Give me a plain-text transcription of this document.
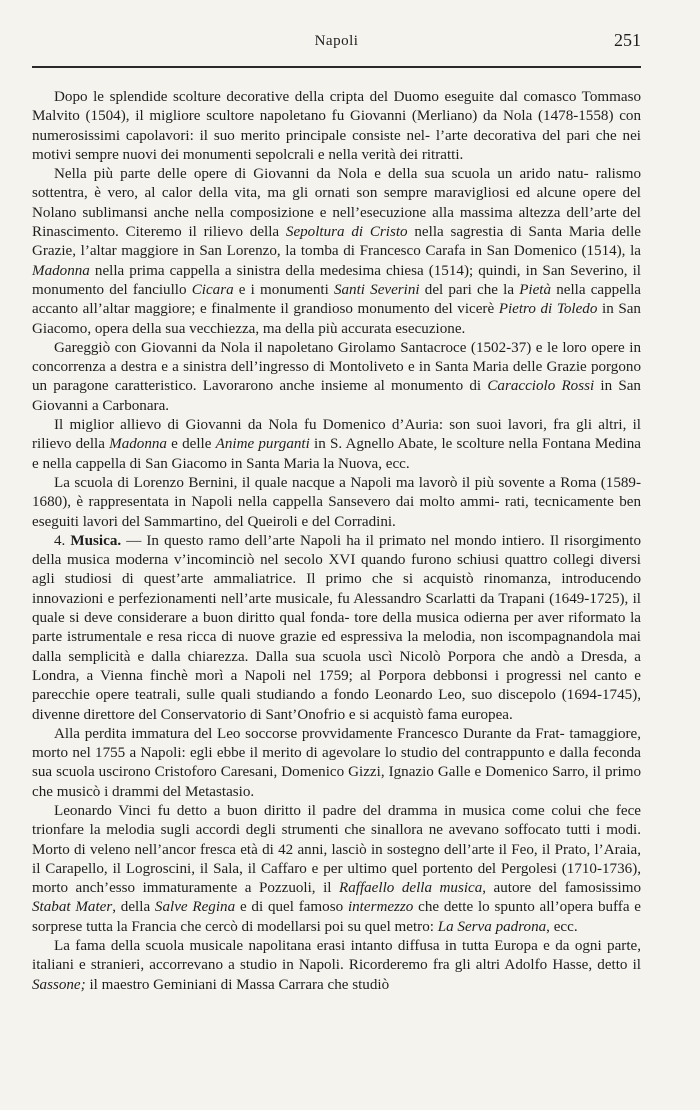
Napoli	251

Dopo le splendide scolture decorative della cripta del Duomo eseguite dal comasco Tommaso Malvito (1504), il migliore scultore napoletano fu Giovanni (Merliano) da Nola (1478-1558) con numerosissimi capolavori: il suo merito principale consiste nel- l’arte decorativa del pari che nei motivi sempre nuovi dei monumenti sepolcrali e nella verità dei ritratti.

Nella più parte delle opere di Giovanni da Nola e della sua scuola un arido natu- ralismo sottentra, è vero, al calor della vita, ma gli ornati son sempre maravigliosi ed alcune opere del Nolano sublimansi anche nella composizione e nell’esecuzione alla massima altezza dell’arte del Rinascimento. Citeremo il rilievo della Sepoltura di Cristo nella sagrestia di Santa Maria delle Grazie, l’altar maggiore in San Lorenzo, la tomba di Francesco Carafa in San Domenico (1514), la Madonna nella prima cappella a sinistra della medesima chiesa (1514); quindi, in San Severino, il monumento del fanciullo Cicara e i monumenti Santi Severini del pari che la Pietà nella cappella accanto all’altar maggiore; e finalmente il grandioso monumento del vicerè Pietro di Toledo in San Giacomo, opera della sua vecchiezza, ma della più accurata esecuzione.

Gareggiò con Giovanni da Nola il napoletano Girolamo Santacroce (1502-37) e le loro opere in concorrenza a destra e a sinistra dell’ingresso di Montoliveto e in Santa Maria delle Grazie porgono un paragone caratteristico. Lavorarono anche insieme al monumento di Caracciolo Rossi in San Giovanni a Carbonara.

Il miglior allievo di Giovanni da Nola fu Domenico d’Auria: son suoi lavori, fra gli altri, il rilievo della Madonna e delle Anime purganti in S. Agnello Abate, le scolture nella Fontana Medina e nella cappella di San Giacomo in Santa Maria la Nuova, ecc.

La scuola di Lorenzo Bernini, il quale nacque a Napoli ma lavorò il più sovente a Roma (1589-1680), è rappresentata in Napoli nella cappella Sansevero dai molto ammi- rati, tecnicamente ben eseguiti lavori del Sammartino, del Queiroli e del Corradini.

4. Musica. — In questo ramo dell’arte Napoli ha il primato nel mondo intiero. Il risorgimento della musica moderna v’incominciò nel secolo XVI quando furono schiusi quattro collegi diversi agli studiosi di quest’arte ammaliatrice. Il primo che si acquistò rinomanza, introducendo innovazioni e perfezionamenti nell’arte musicale, fu Alessandro Scarlatti da Trapani (1649-1725), il quale si deve considerare a buon diritto qual fonda- tore della musica odierna per aver riformato la parte istrumentale e resa ricca di nuove grazie ed espressiva la melodia, non iscompagnandola mai dalla semplicità e dalla chiarezza. Dalla sua scuola uscì Nicolò Porpora che andò a Dresda, a Londra, a Vienna finchè morì a Napoli nel 1759; al Porpora debbonsi i progressi nel canto e parecchie opere teatrali, sulle quali studiando a fondo Leonardo Leo, suo discepolo (1694-1745), divenne direttore del Conservatorio di Sant’Onofrio e si acquistò fama europea.

Alla perdita immatura del Leo soccorse provvidamente Francesco Durante da Frat- tamaggiore, morto nel 1755 a Napoli: egli ebbe il merito di agevolare lo studio del contrappunto e dalla feconda sua scuola uscirono Cristoforo Caresani, Domenico Gizzi, Ignazio Galle e Domenico Sarro, il primo che musicò i drammi del Metastasio.

Leonardo Vinci fu detto a buon diritto il padre del dramma in musica come colui che fece trionfare la melodia sugli accordi degli strumenti che sinallora ne avevano soffocato tutti i modi. Morto di veleno nell’ancor fresca età di 42 anni, lasciò in sostegno dell’arte il Feo, il Prato, l’Araia, il Carapello, il Logroscini, il Sala, il Caffaro e per ultimo quel portento del Pergolesi (1710-1736), morto anch’esso immaturamente a Pozzuoli, il Raffaello della musica, autore del famosissimo Stabat Mater, della Salve Regina e di quel famoso intermezzo che dette lo spunto all’opera buffa e sorprese tutta la Francia che cercò di modellarsi poi su quel metro: La Serva padrona, ecc.

La fama della scuola musicale napolitana erasi intanto diffusa in tutta Europa e da ogni parte, italiani e stranieri, accorrevano a studio in Napoli. Ricorderemo fra gli altri Adolfo Hasse, detto il Sassone; il maestro Geminiani di Massa Carrara che studiò
